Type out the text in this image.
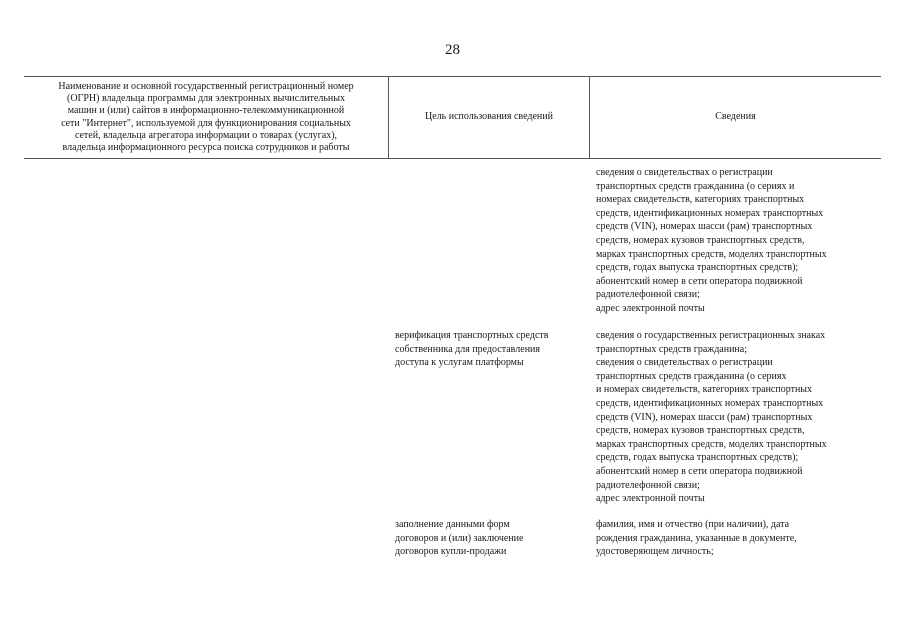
28
Наименование и основной государственный регистрационный номер
(ОГРН) владельца программы для электронных вычислительных
машин и (или) сайтов в информационно-телекоммуникационной
сети "Интернет", используемой для функционирования социальных
сетей, владельца агрегатора информации о товарах (услугах),
владельца информационного ресурса поиска сотрудников и работы
Цель использования сведений	Сведения
сведения о свидетельствах о регистрации
транспортных средств гражданина (о сериях и
номерах свидетельств, категориях транспортных
средств, идентификационных номерах транспортных
средств (VIN), номерах шасси (рам) транспортных
средств, номерах кузовов транспортных средств,
марках транспортных средств, моделях транспортных
средств, годах выпуска транспортных средств);
абонентский номер в сети оператора подвижной
радиотелефонной связи;
адрес электронной почты
верификация транспортных средств
собственника для предоставления
доступа к услугам платформы
сведения о государственных регистрационных знаках
транспортных средств гражданина;
сведения о свидетельствах о регистрации
транспортных средств гражданина (о сериях
и номерах свидетельств, категориях транспортных
средств, идентификационных номерах транспортных
средств (VIN), номерах шасси (рам) транспортных
средств, номерах кузовов транспортных средств,
марках транспортных средств, моделях транспортных
средств, годах выпуска транспортных средств);
абонентский номер в сети оператора подвижной
радиотелефонной связи;
адрес электронной почты
заполнение данными форм
договоров и (или) заключение
договоров купли-продажи
фамилия, имя и отчество (при наличии), дата
рождения гражданина, указанные в документе,
удостоверяющем личность;
